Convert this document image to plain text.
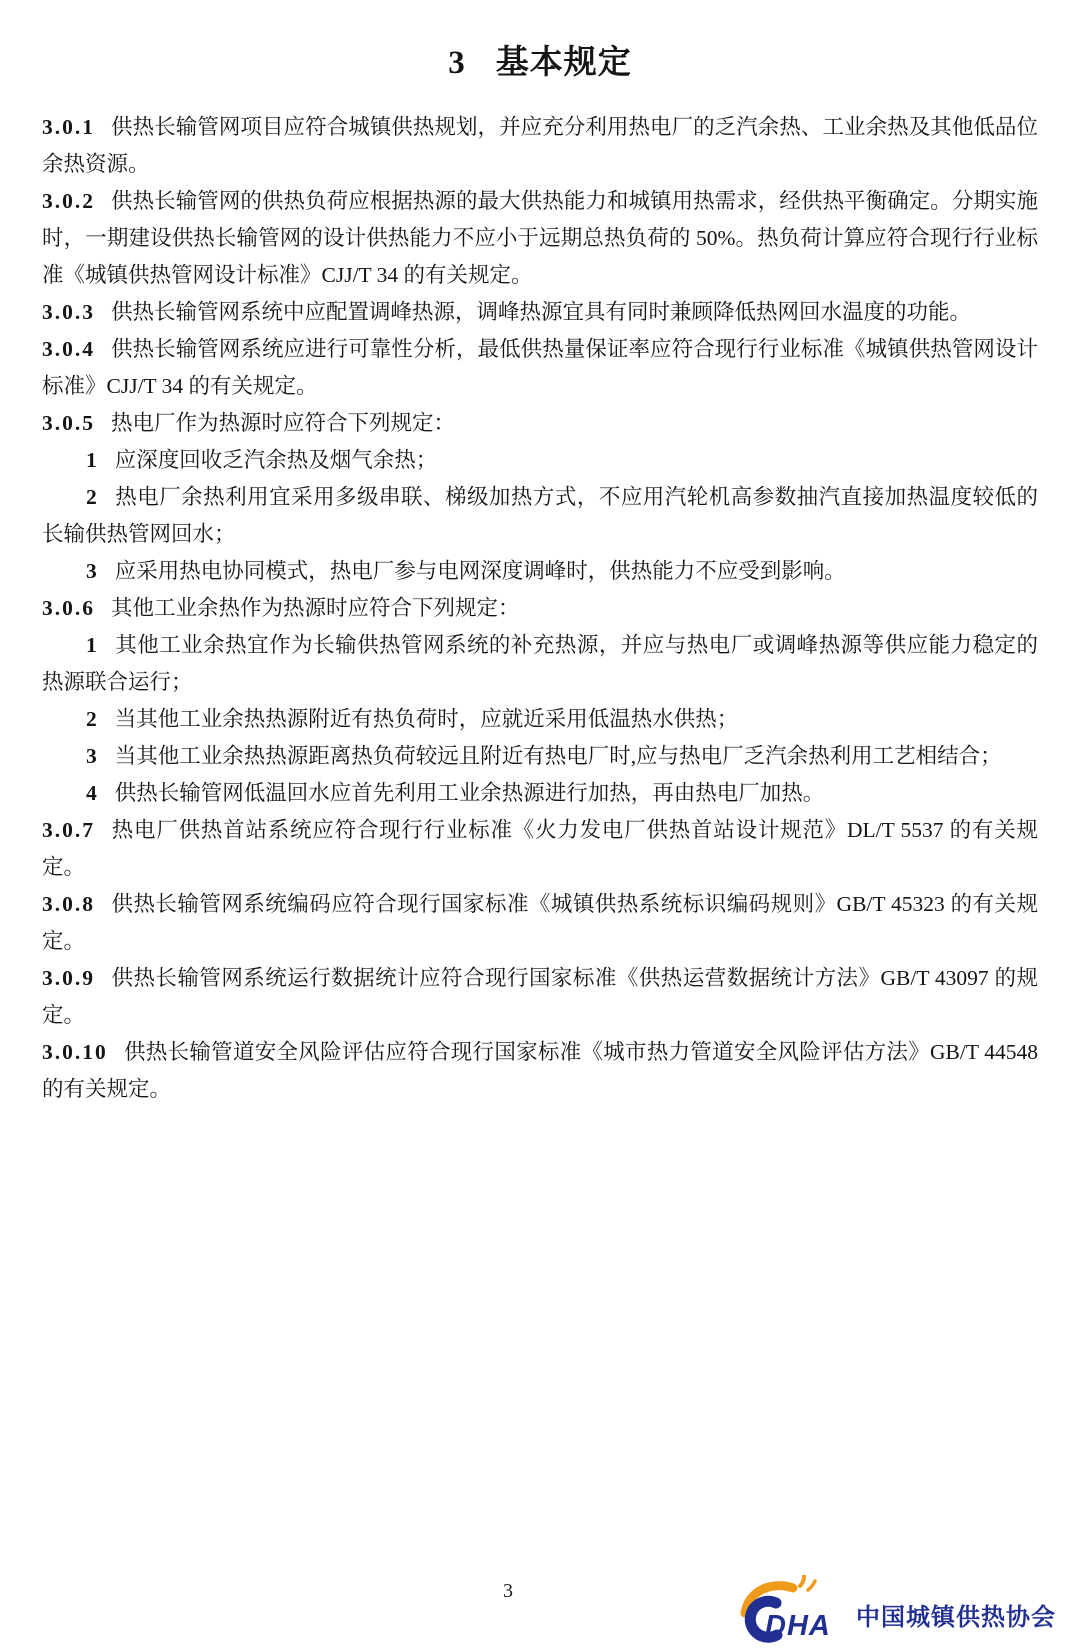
3 基本规定

3.0.1 供热长输管网项目应符合城镇供热规划，并应充分利用热电厂的乏汽余热、工业余热及其他低品位余热资源。

3.0.2 供热长输管网的供热负荷应根据热源的最大供热能力和城镇用热需求，经供热平衡确定。分期实施时，一期建设供热长输管网的设计供热能力不应小于远期总热负荷的 50%。热负荷计算应符合现行行业标准《城镇供热管网设计标准》CJJ/T 34 的有关规定。

3.0.3 供热长输管网系统中应配置调峰热源，调峰热源宜具有同时兼顾降低热网回水温度的功能。

3.0.4 供热长输管网系统应进行可靠性分析，最低供热量保证率应符合现行行业标准《城镇供热管网设计标准》CJJ/T 34 的有关规定。

3.0.5 热电厂作为热源时应符合下列规定：

1 应深度回收乏汽余热及烟气余热；

2 热电厂余热利用宜采用多级串联、梯级加热方式，不应用汽轮机高参数抽汽直接加热温度较低的长输供热管网回水；

3 应采用热电协同模式，热电厂参与电网深度调峰时，供热能力不应受到影响。

3.0.6 其他工业余热作为热源时应符合下列规定：

1 其他工业余热宜作为长输供热管网系统的补充热源，并应与热电厂或调峰热源等供应能力稳定的热源联合运行；

2 当其他工业余热热源附近有热负荷时，应就近采用低温热水供热；

3 当其他工业余热热源距离热负荷较远且附近有热电厂时,应与热电厂乏汽余热利用工艺相结合；

4 供热长输管网低温回水应首先利用工业余热源进行加热，再由热电厂加热。

3.0.7 热电厂供热首站系统应符合现行行业标准《火力发电厂供热首站设计规范》DL/T 5537 的有关规定。

3.0.8 供热长输管网系统编码应符合现行国家标准《城镇供热系统标识编码规则》GB/T 45323 的有关规定。

3.0.9 供热长输管网系统运行数据统计应符合现行国家标准《供热运营数据统计方法》GB/T 43097 的规定。

3.0.10 供热长输管道安全风险评估应符合现行国家标准《城市热力管道安全风险评估方法》GB/T 44548 的有关规定。

3
DHA 中国城镇供热协会
